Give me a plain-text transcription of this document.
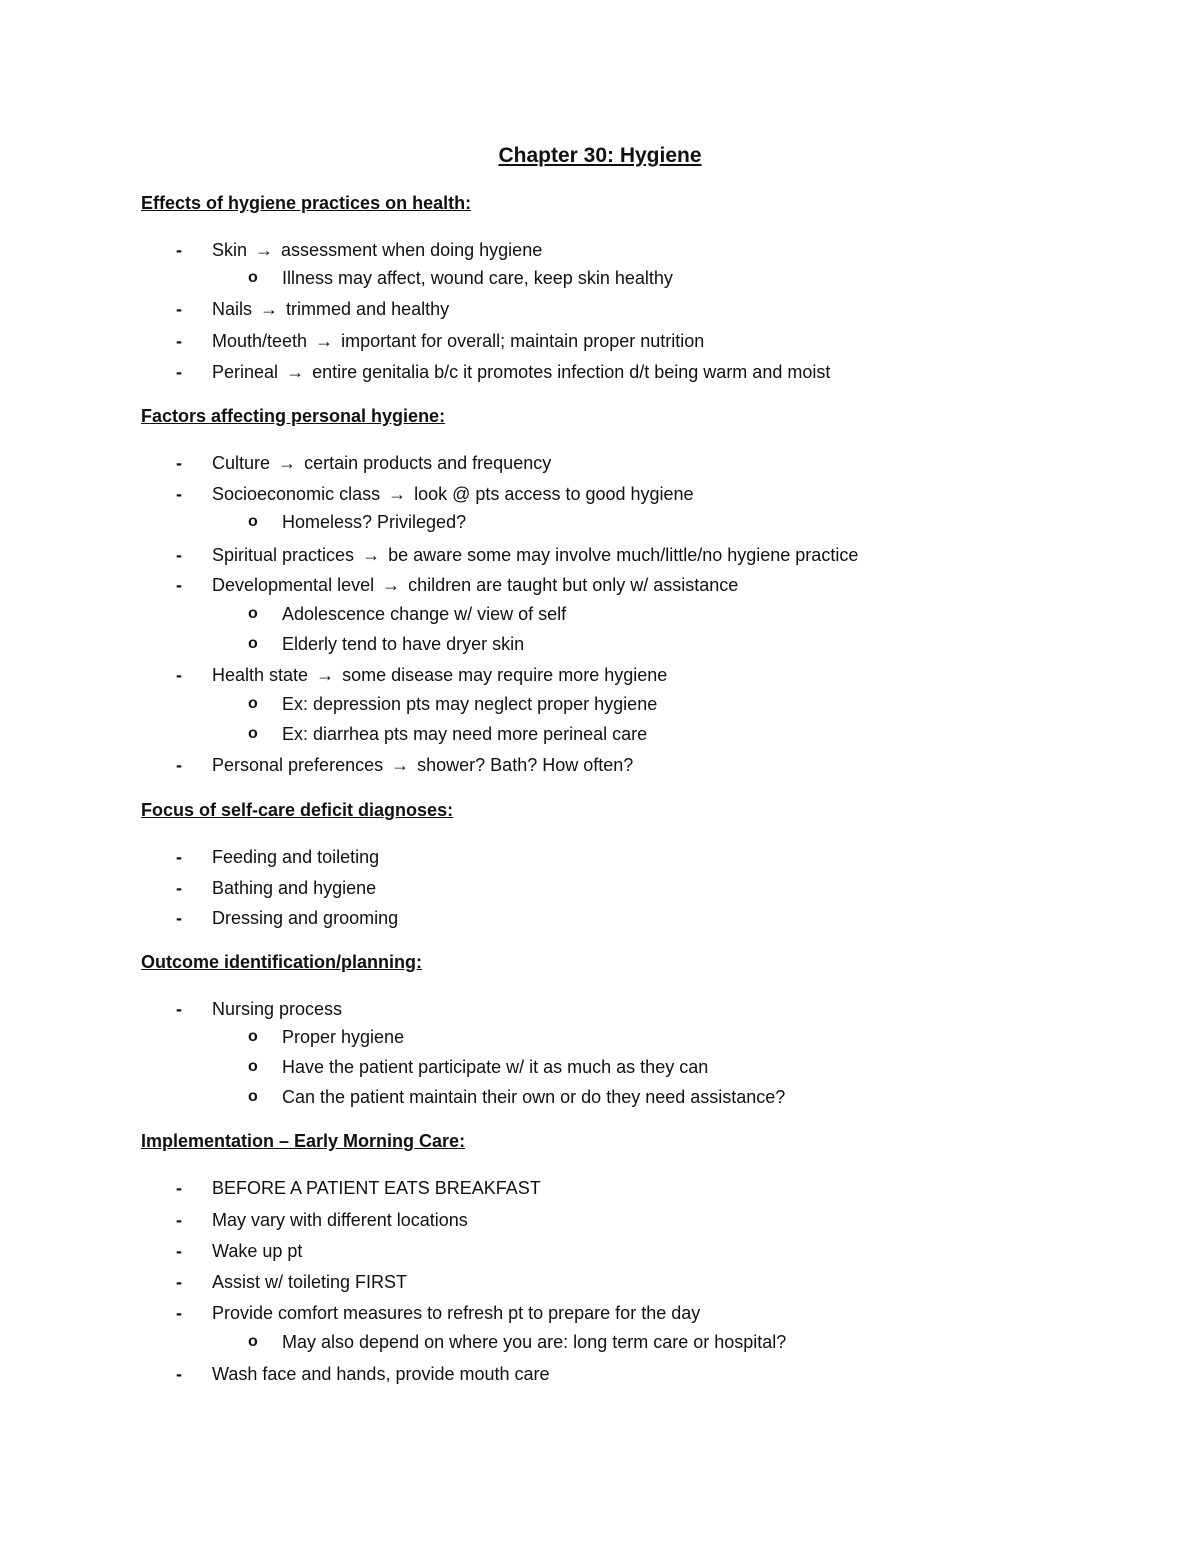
Chapter 30: Hygiene
Effects of hygiene practices on health:
- Skin → assessment when doing hygiene
o Illness may affect, wound care, keep skin healthy
- Nails → trimmed and healthy
- Mouth/teeth → important for overall; maintain proper nutrition
- Perineal → entire genitalia b/c it promotes infection d/t being warm and moist
Factors affecting personal hygiene:
- Culture → certain products and frequency
- Socioeconomic class → look @ pts access to good hygiene
o Homeless? Privileged?
- Spiritual practices → be aware some may involve much/little/no hygiene practice
- Developmental level → children are taught but only w/ assistance
o Adolescence change w/ view of self
o Elderly tend to have dryer skin
- Health state → some disease may require more hygiene
o Ex: depression pts may neglect proper hygiene
o Ex: diarrhea pts may need more perineal care
- Personal preferences → shower? Bath? How often?
Focus of self-care deficit diagnoses:
- Feeding and toileting
- Bathing and hygiene
- Dressing and grooming
Outcome identification/planning:
- Nursing process
o Proper hygiene
o Have the patient participate w/ it as much as they can
o Can the patient maintain their own or do they need assistance?
Implementation – Early Morning Care:
- BEFORE A PATIENT EATS BREAKFAST
- May vary with different locations
- Wake up pt
- Assist w/ toileting FIRST
- Provide comfort measures to refresh pt to prepare for the day
o May also depend on where you are: long term care or hospital?
- Wash face and hands, provide mouth care
